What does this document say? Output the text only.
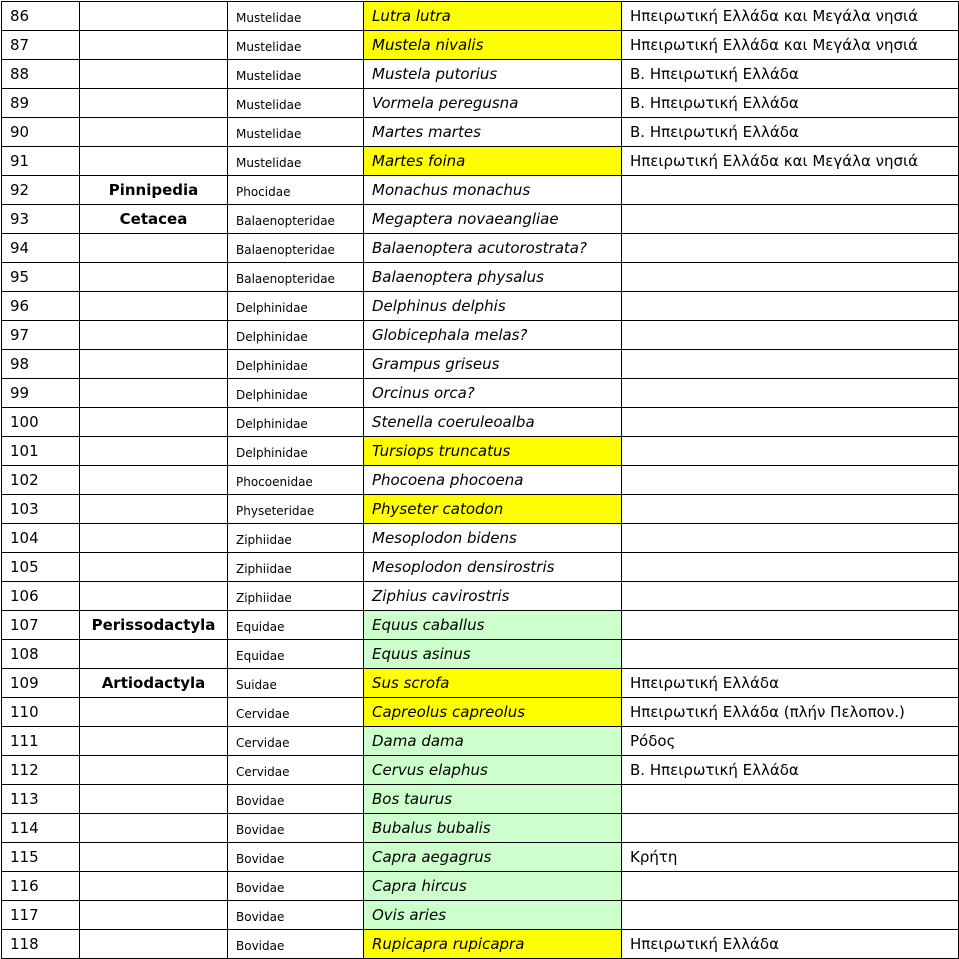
86		Mustelidae	Lutra lutra	Ηπειρωτική Ελλάδα και Μεγάλα νησιά
87		Mustelidae	Mustela nivalis	Ηπειρωτική Ελλάδα και Μεγάλα νησιά
88		Mustelidae	Mustela putorius	Β. Ηπειρωτική Ελλάδα
89		Mustelidae	Vormela peregusna	Β. Ηπειρωτική Ελλάδα
90		Mustelidae	Martes martes	Β. Ηπειρωτική Ελλάδα
91		Mustelidae	Martes foina	Ηπειρωτική Ελλάδα και Μεγάλα νησιά
92	Pinnipedia	Phocidae	Monachus monachus	
93	Cetacea	Balaenopteridae	Megaptera novaeangliae	
94		Balaenopteridae	Balaenoptera acutorostrata?	
95		Balaenopteridae	Balaenoptera physalus	
96		Delphinidae	Delphinus delphis	
97		Delphinidae	Globicephala melas?	
98		Delphinidae	Grampus griseus	
99		Delphinidae	Orcinus orca?	
100		Delphinidae	Stenella coeruleoalba	
101		Delphinidae	Tursiops truncatus	
102		Phocoenidae	Phocoena phocoena	
103		Physeteridae	Physeter catodon	
104		Ziphiidae	Mesoplodon bidens	
105		Ziphiidae	Mesoplodon densirostris	
106		Ziphiidae	Ziphius cavirostris	
107	Perissodactyla	Equidae	Equus caballus	
108		Equidae	Equus asinus	
109	Artiodactyla	Suidae	Sus scrofa	Ηπειρωτική Ελλάδα
110		Cervidae	Capreolus capreolus	Ηπειρωτική Ελλάδα (πλήν Πελοπον.)
111		Cervidae	Dama dama	Ρόδος
112		Cervidae	Cervus elaphus	Β. Ηπειρωτική Ελλάδα
113		Bovidae	Bos taurus	
114		Bovidae	Bubalus bubalis	
115		Bovidae	Capra aegagrus	Κρήτη
116		Bovidae	Capra hircus	
117		Bovidae	Ovis aries	
118		Bovidae	Rupicapra rupicapra	Ηπειρωτική Ελλάδα
